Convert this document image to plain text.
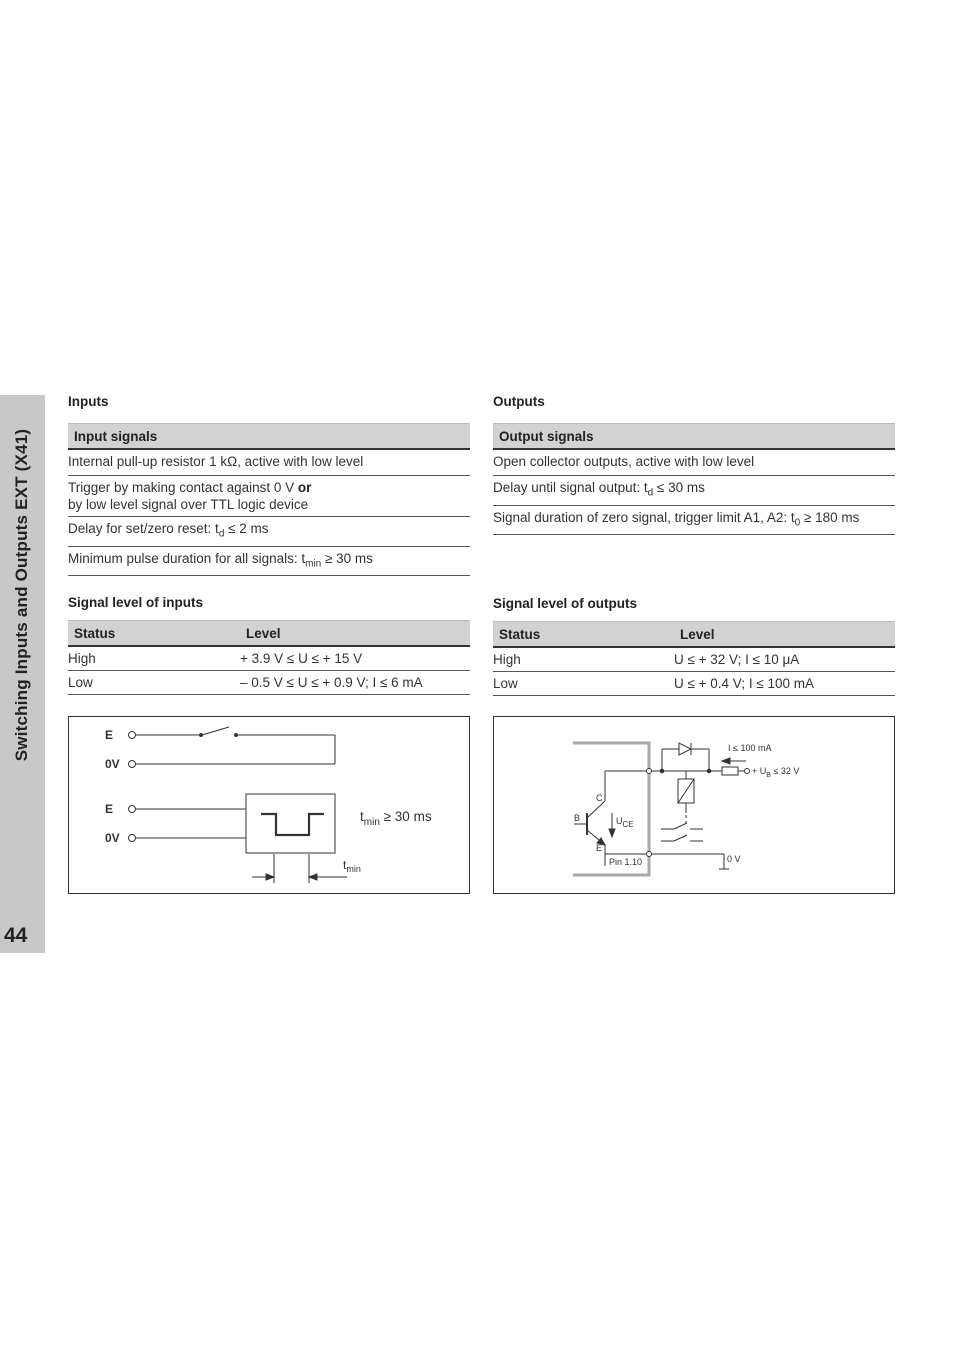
Switching Inputs and Outputs EXT (X41)
44
Inputs
Input signals
Internal pull-up resistor 1 kΩ, active with low level
Trigger by making contact against 0 V or
by low level signal over TTL logic device
Delay for set/zero reset: $t_d \le 2$ ms
Minimum pulse duration for all signals: $t_{min} \ge 30$ ms
Outputs
Output signals
Open collector outputs, active with low level
Delay until signal output: $t_d \le 30$ ms
Signal duration of zero signal, trigger limit A1, A2: $t_0 \ge 180$ ms
Signal level of inputs
Status	Level
High	+ 3.9 V ≤ U ≤ + 15 V
Low	– 0.5 V ≤ U ≤ + 0.9 V; I ≤ 6 mA
Signal level of outputs
Status	Level
High	U ≤ + 32 V; I ≤ 10 μA
Low	U ≤ + 0.4 V; I ≤ 100 mA
E
0V
E
0V
$t_{min} \ge 30$ ms
$t_{min}$
I ≤ 100 mA
+ $U_B \le 32$ V
C
B
E
UCE
Pin 1.10	0 V
